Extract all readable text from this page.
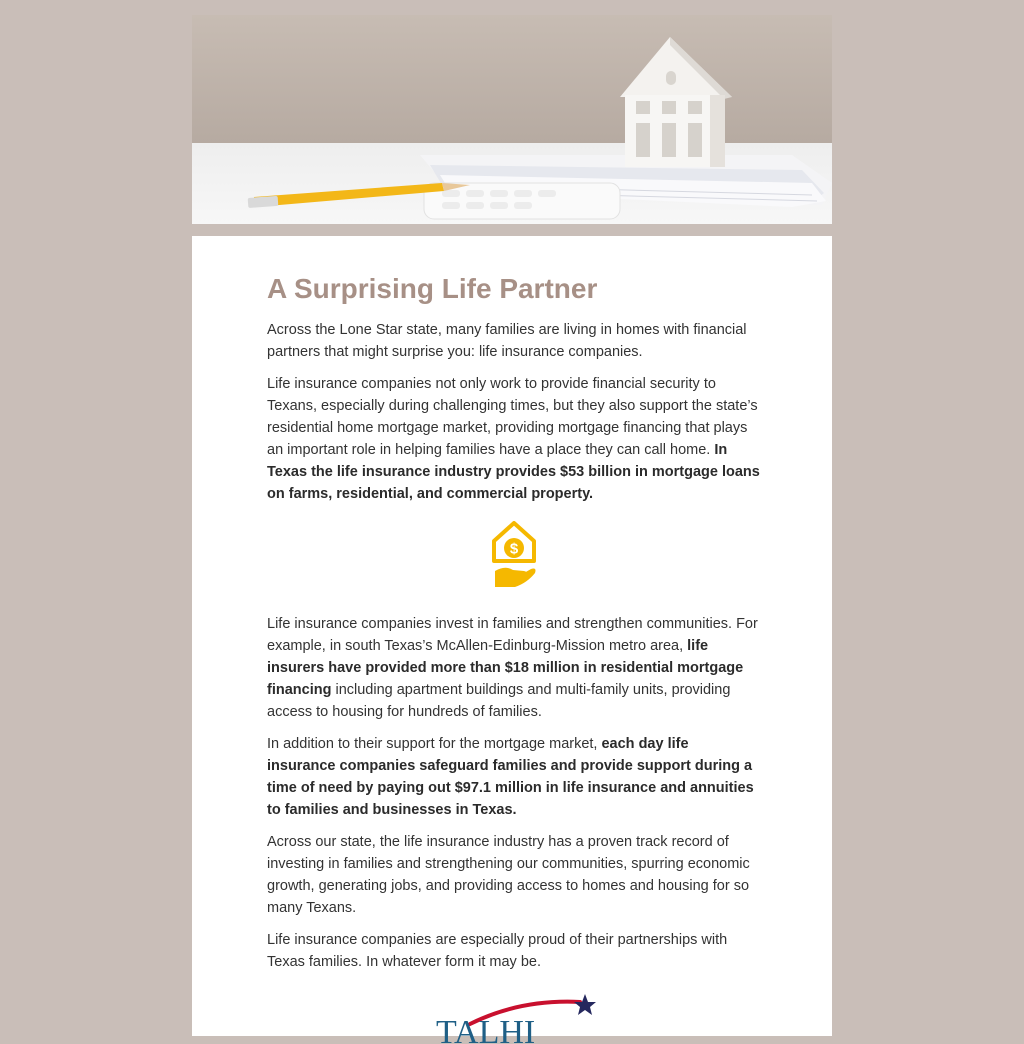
A Surprising Life Partner

Across the Lone Star state, many families are living in homes with financial partners that might surprise you: life insurance companies.

Life insurance companies not only work to provide financial security to Texans, especially during challenging times, but they also support the state’s residential home mortgage market, providing mortgage financing that plays an important role in helping families have a place they can call home. In Texas the life insurance industry provides $53 billion in mortgage loans on farms, residential, and commercial property.

$

Life insurance companies invest in families and strengthen communities. For example, in south Texas’s McAllen-Edinburg-Mission metro area, life insurers have provided more than $18 million in residential mortgage financing including apartment buildings and multi-family units, providing access to housing for hundreds of families.

In addition to their support for the mortgage market, each day life insurance companies safeguard families and provide support during a time of need by paying out $97.1 million in life insurance and annuities to families and businesses in Texas.

Across our state, the life insurance industry has a proven track record of investing in families and strengthening our communities, spurring economic growth, generating jobs, and providing access to homes and housing for so many Texans.

Life insurance companies are especially proud of their partnerships with Texas families. In whatever form it may be.

TALHI
